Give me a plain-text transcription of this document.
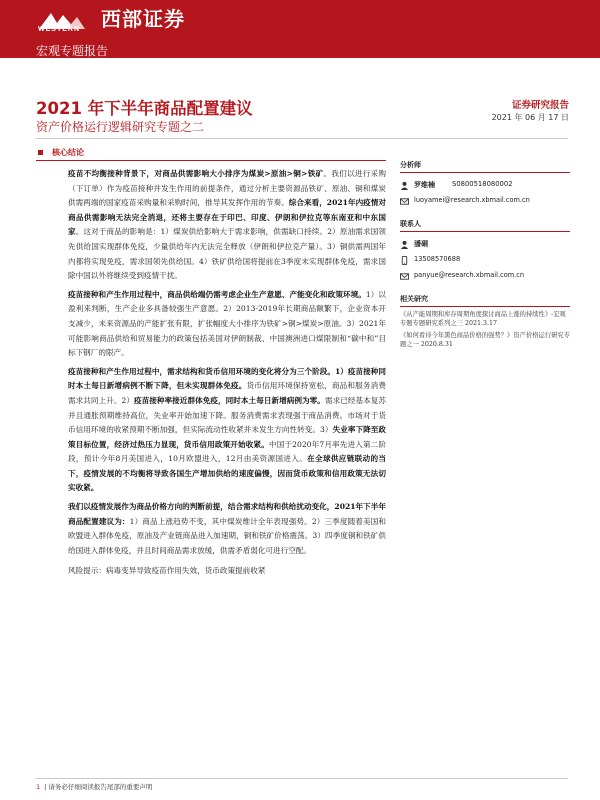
WESTERN 西部证券
宏观专题报告
2021 年下半年商品配置建议
资产价格运行逻辑研究专题之二
证券研究报告
2021 年 06 月 17 日
核心结论

疫苗不均衡接种背景下，对商品供需影响大小排序为煤炭>原油>铜>铁矿。我们以进行采购（下订单）作为疫苗接种并发生作用的前提条件，通过分析主要资源品铁矿、原油、铜和煤炭供需两端的国家疫苗采购量和采购时间，推导其发挥作用的节奏。综合来看，2021年内疫情对商品供需影响无法完全消退，还将主要存在于印巴、印度、伊朗和伊拉克等东南亚和中东国家。这对于商品的影响是：1）煤炭供给影响大于需求影响，供需缺口持续。2）原油需求国领先供给国实现群体免疫，少量供给年内无法完全释放（伊朗和伊拉克产量）。3）铜供需两国年内都将实现免疫，需求国领先供给国。4）铁矿供给国将提前在3季度末实现群体免疫，需求国除中国以外将继续受到疫情干扰。

疫苗接种和产生作用过程中，商品供给端仍需考虑企业生产意愿、产能变化和政策环境。1）以盈利来判断，生产企业多具备较强生产意愿。2）2013-2019年长期商品额繁下，企业资本开支减少，未来资源品的产能扩张有限，扩张幅度大小排序为铁矿>铜>煤炭>原油。3）2021年可能影响商品供给和贸易能力的政策包括美国对伊朗制裁、中国澳洲进口煤限制和“碳中和”目标下钢厂的限产。

疫苗接种和产生作用过程中，需求结构和货币信用环境的变化将分为三个阶段。1）疫苗接种同时本土每日新增病例不断下降，但未实现群体免疫。货币信用环境保持宽松，商品和服务消费需求共同上升。2）疫苗接种率接近群体免疫，同时本土每日新增病例为零。需求已经基本复苏并且通胀预期维持高位，失业率开始加速下降。服务消费需求表现强于商品消费。市场对于货币信用环境的收紧预期不断加强，但实际流动性收紧并未发生方向性转变。3）失业率下降至政策目标位置，经济过热压力显现，货币信用政策开始收紧。中国于2020年7月率先进入第二阶段，预计今年8月美国进入，10月欧盟进入，12月由美资源国进入。在全球供应链联动的当下，疫情发展的不均衡将导致各国生产增加供给的速度偏慢，因而货币政策和信用政策无法切实收紧。

我们以疫情发展作为商品价格方向的判断前提，结合需求结构和供给扰动变化，2021年下半年商品配置建议为：1）商品上涨趋势不变，其中煤炭维计全年表现强势。2）三季度随着美国和欧盟进入群体免疫，原油及产业链商品进入加速期，铜和铁矿价格震荡。3）四季度铜和铁矿供给国进入群体免疫，并且时间商品需求放缓，供需矛盾弱化可进行空配。

风险提示：病毒变异导致疫苗作用失效，货币政策提前收紧

分析师
罗维楠	S0800518080002
luoyamei@research.xbmail.com.cn
联系人
潘硐
13508570688
panyue@research.xbmail.com.cn
相关研究
《从产能周期和库存周期角度探讨商品上涨的持续性》-宏观专题专题研究系列之三 2021.3.17
《如何看待今年黑色商品价格的强势？》资产价格运行研究专题之一 2020.8.31
1 | 请务必仔细阅读报告尾部的重要声明
